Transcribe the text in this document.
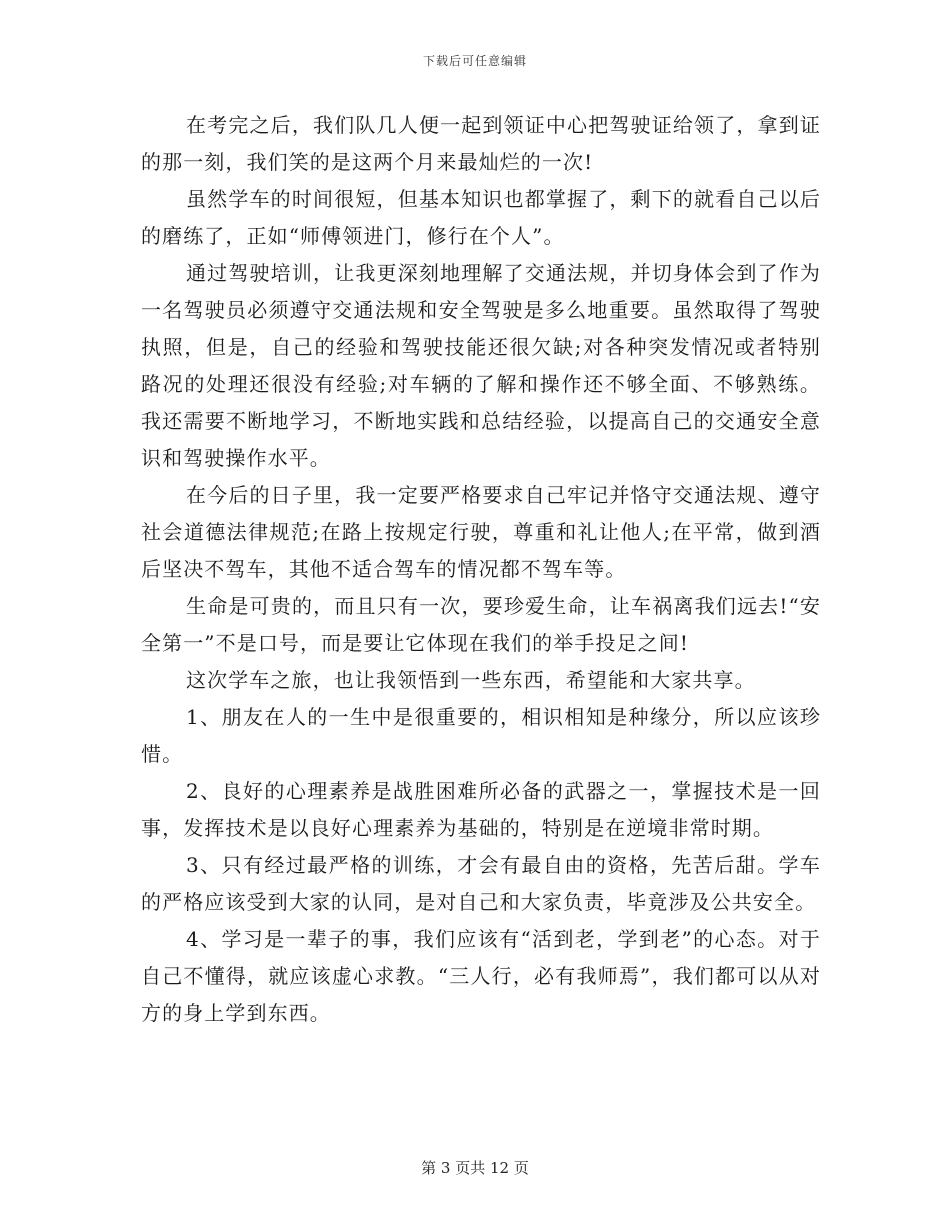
下载后可任意编辑

在考完之后，我们队几人便一起到领证中心把驾驶证给领了，拿到证的那一刻，我们笑的是这两个月来最灿烂的一次!

虽然学车的时间很短，但基本知识也都掌握了，剩下的就看自己以后的磨练了，正如“师傅领进门，修行在个人”。

通过驾驶培训，让我更深刻地理解了交通法规，并切身体会到了作为一名驾驶员必须遵守交通法规和安全驾驶是多么地重要。虽然取得了驾驶执照，但是，自己的经验和驾驶技能还很欠缺;对各种突发情况或者特别路况的处理还很没有经验;对车辆的了解和操作还不够全面、不够熟练。我还需要不断地学习，不断地实践和总结经验，以提高自己的交通安全意识和驾驶操作水平。

在今后的日子里，我一定要严格要求自己牢记并恪守交通法规、遵守社会道德法律规范;在路上按规定行驶，尊重和礼让他人;在平常，做到酒后坚决不驾车，其他不适合驾车的情况都不驾车等。

生命是可贵的，而且只有一次，要珍爱生命，让车祸离我们远去!“安全第一”不是口号，而是要让它体现在我们的举手投足之间!

这次学车之旅，也让我领悟到一些东西，希望能和大家共享。

1、朋友在人的一生中是很重要的，相识相知是种缘分，所以应该珍惜。

2、良好的心理素养是战胜困难所必备的武器之一，掌握技术是一回事，发挥技术是以良好心理素养为基础的，特别是在逆境非常时期。

3、只有经过最严格的训练，才会有最自由的资格，先苦后甜。学车的严格应该受到大家的认同，是对自己和大家负责，毕竟涉及公共安全。

4、学习是一辈子的事，我们应该有“活到老，学到老”的心态。对于自己不懂得，就应该虚心求教。“三人行，必有我师焉”，我们都可以从对方的身上学到东西。

第 3 页共 12 页
